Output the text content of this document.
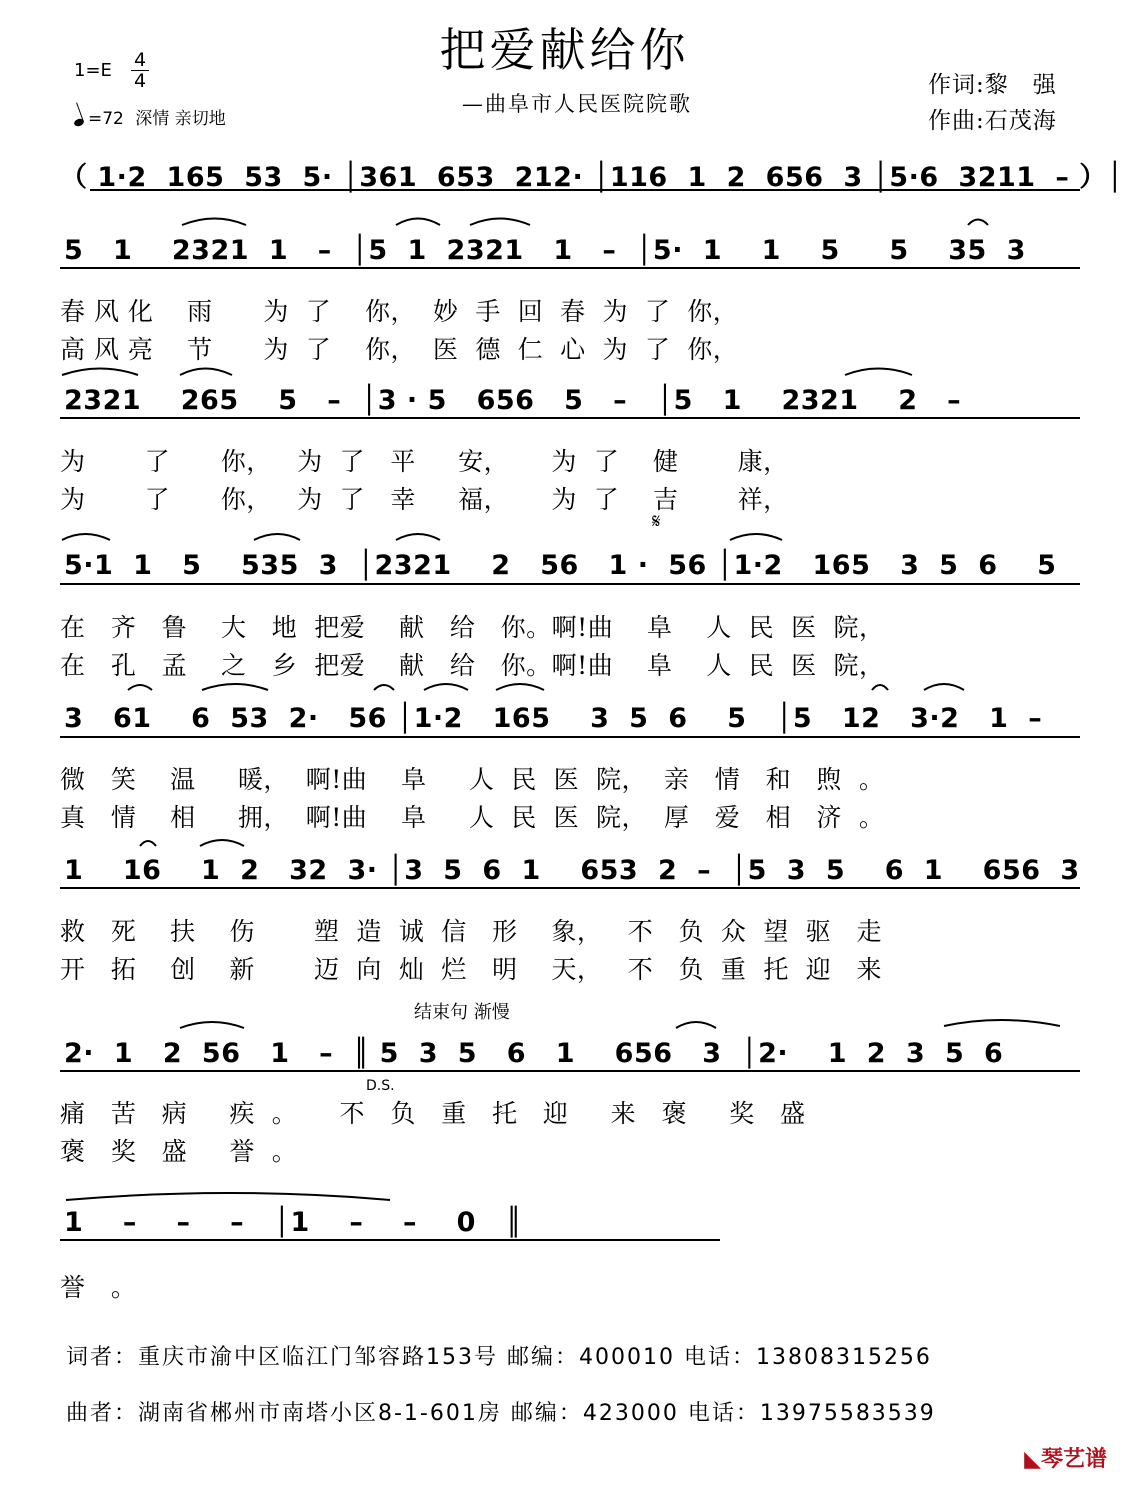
把爱献给你
—曲阜市人民医院院歌
作词:黎　强
作曲:石茂海
1=E 4
4
=72 深情 亲切地
（ 1·2  165  53  5· │361  653  212· │116  1  2  656  3 │5·6  3211  – ）│
𝄋
5   1    2321  1   –  │5  1  2321   1   –  │5·  1    1    5     5    35  3
春 风 化    雨      为  了    你，  妙  手  回  春  为  了  你，
高 风 亮    节      为  了    你，  医  德  仁  心  为  了  你，
2321    265    5   –  │3 · 5   656   5   –   │5   1    2321    2   –
为       了      你，   为  了   平     安，     为  了    健       康，
为       了      你，   为  了   幸     福，     为  了    吉       祥，
5·1  1   5    535  3  │2321    2   56   1 ·  56 │1·2   165   3  5  6    5
在   齐   鲁    大   地  把爱    献   给   你。啊!曲    阜    人  民  医  院，
在   孔   孟    之   乡  把爱    献   给   你。啊!曲    阜    人  民  医  院，
3   61    6  53  2·   56 │1·2   165    3  5  6    5   │5   12   3·2   1  –
微   笑    温     暖，  啊!曲    阜     人  民  医  院，  亲   情   和   煦  。
真   情    相     拥，  啊!曲    阜     人  民  医  院，  厚   爱   相   济  。
1    16    1  2   32  3· │3  5  6  1    653  2  –  │5  3  5    6  1    656  3
救   死    扶    伤       塑  造  诚  信   形    象，   不   负  众  望  驱   走
开   拓    创    新       迈  向  灿  烂   明    天，   不   负  重  托  迎   来
结束句 渐慢
2·  1   2  56   1   –  ║ 5  3  5   6   1    656   3  │2·    1  2  3  5  6
D.S.
痛   苦   病     疾  。     不   负   重   托   迎     来   褒     奖   盛
褒   奖   盛     誉  。
1    –    –    –   │1    –    –    0   ║
誉   。
词者：重庆市渝中区临江门邹容路153号 邮编：400010 电话：13808315256
曲者：湖南省郴州市南塔小区8-1-601房 邮编：423000 电话：13975583539
◣琴艺谱
